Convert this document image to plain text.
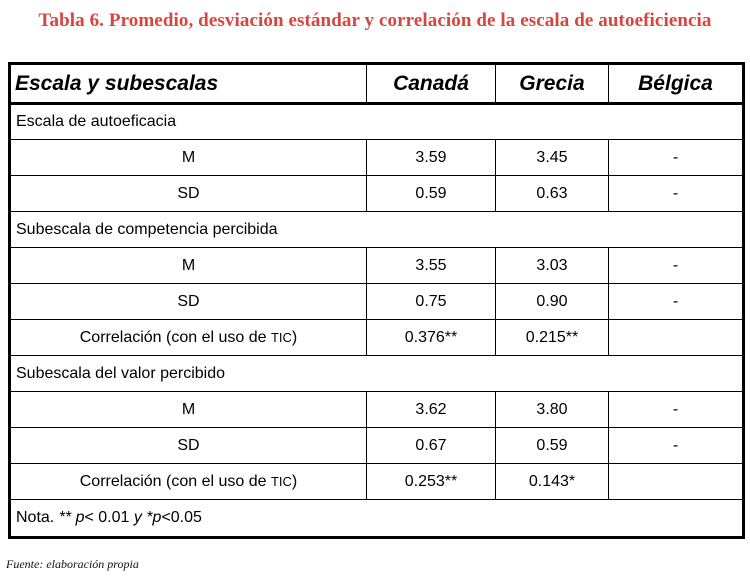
Tabla 6. Promedio, desviación estándar y correlación de la escala de autoeficiencia
Escala y subescalas	Canadá	Grecia	Bélgica
Escala de autoeficacia			
M	3.59	3.45	-
SD	0.59	0.63	-
Subescala de competencia percibida			
M	3.55	3.03	-
SD	0.75	0.90	-
Correlación (con el uso de TIC)	0.376**	0.215**	
Subescala del valor percibido			
M	3.62	3.80	-
SD	0.67	0.59	-
Correlación (con el uso de TIC)	0.253**	0.143*	
Nota. ** p< 0.01 y *p<0.05			
Fuente: elaboración propia
